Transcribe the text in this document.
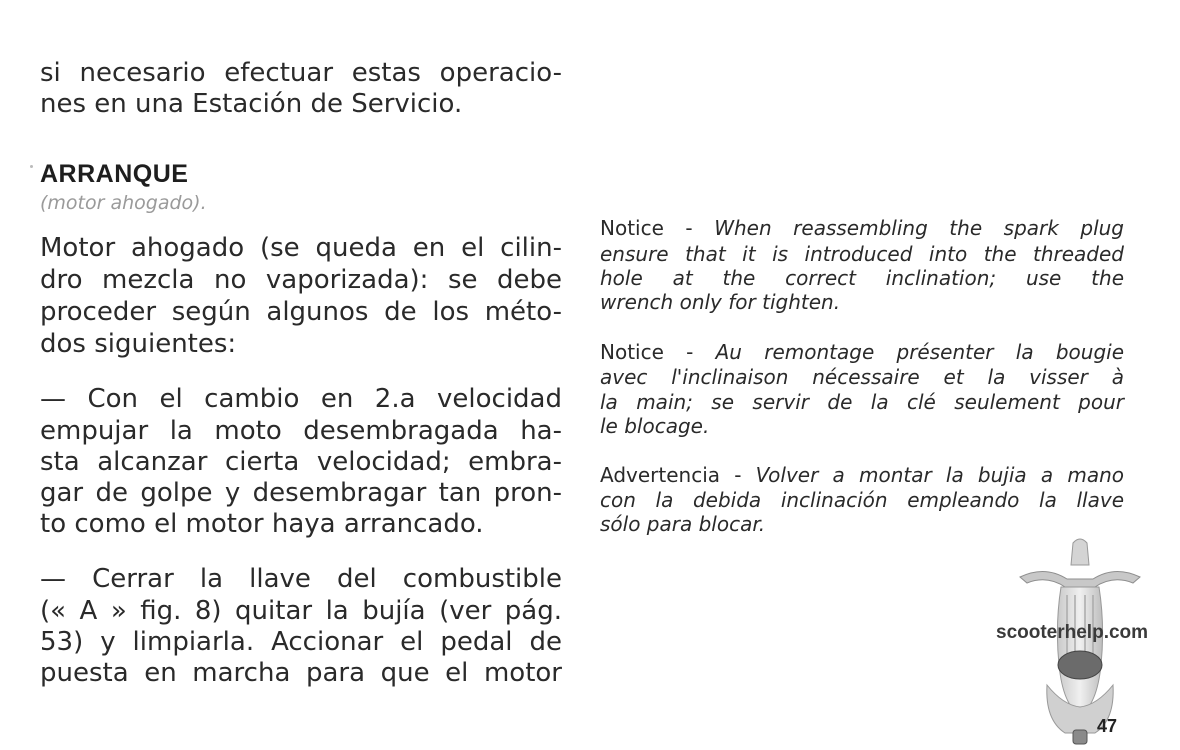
si necesario efectuar estas operacio-

nes en una Estación de Servicio.

ARRANQUE
(motor ahogado).

Motor ahogado (se queda en el cilin-

dro mezcla no vaporizada): se debe

proceder según algunos de los méto-

dos siguientes:

— Con el cambio en 2.a velocidad

empujar la moto desembragada ha-

sta alcanzar cierta velocidad; embra-

gar de golpe y desembragar tan pron-

to como el motor haya arrancado.

— Cerrar la llave del combustible

(« A » fig. 8) quitar la bujía (ver pág.

53) y limpiarla. Accionar el pedal de

puesta en marcha para que el motor

Notice - When reassembling the spark plug

ensure that it is introduced into the threaded

hole at the correct inclination; use the

wrench only for tighten.

Notice - Au remontage présenter la bougie

avec l'inclinaison nécessaire et la visser à

la main; se servir de la clé seulement pour

le blocage.

Advertencia - Volver a montar la bujia a mano

con la debida inclinación empleando la llave

sólo para blocar.

scooterhelp.com
47
